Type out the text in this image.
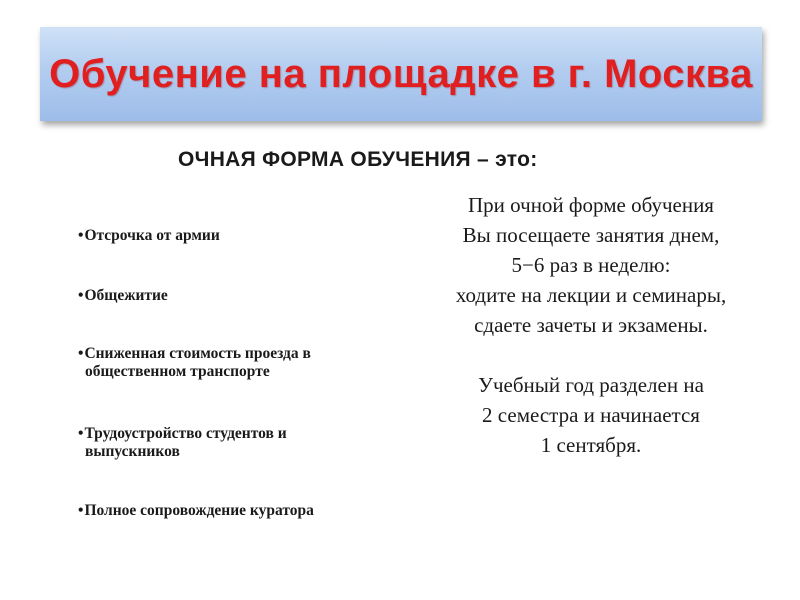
Обучение на площадке в г. Москва
ОЧНАЯ ФОРМА ОБУЧЕНИЯ – это:
•Отсрочка от армии
•Общежитие
•Сниженная стоимость проезда в
общественном транспорте
•Трудоустройство студентов и
выпускников
•Полное сопровождение куратора
При очной форме обучения
Вы посещаете занятия днем,
5−6 раз в неделю:
ходите на лекции и семинары,
сдаете зачеты и экзамены.
Учебный год разделен на
2 семестра и начинается
1 сентября.
